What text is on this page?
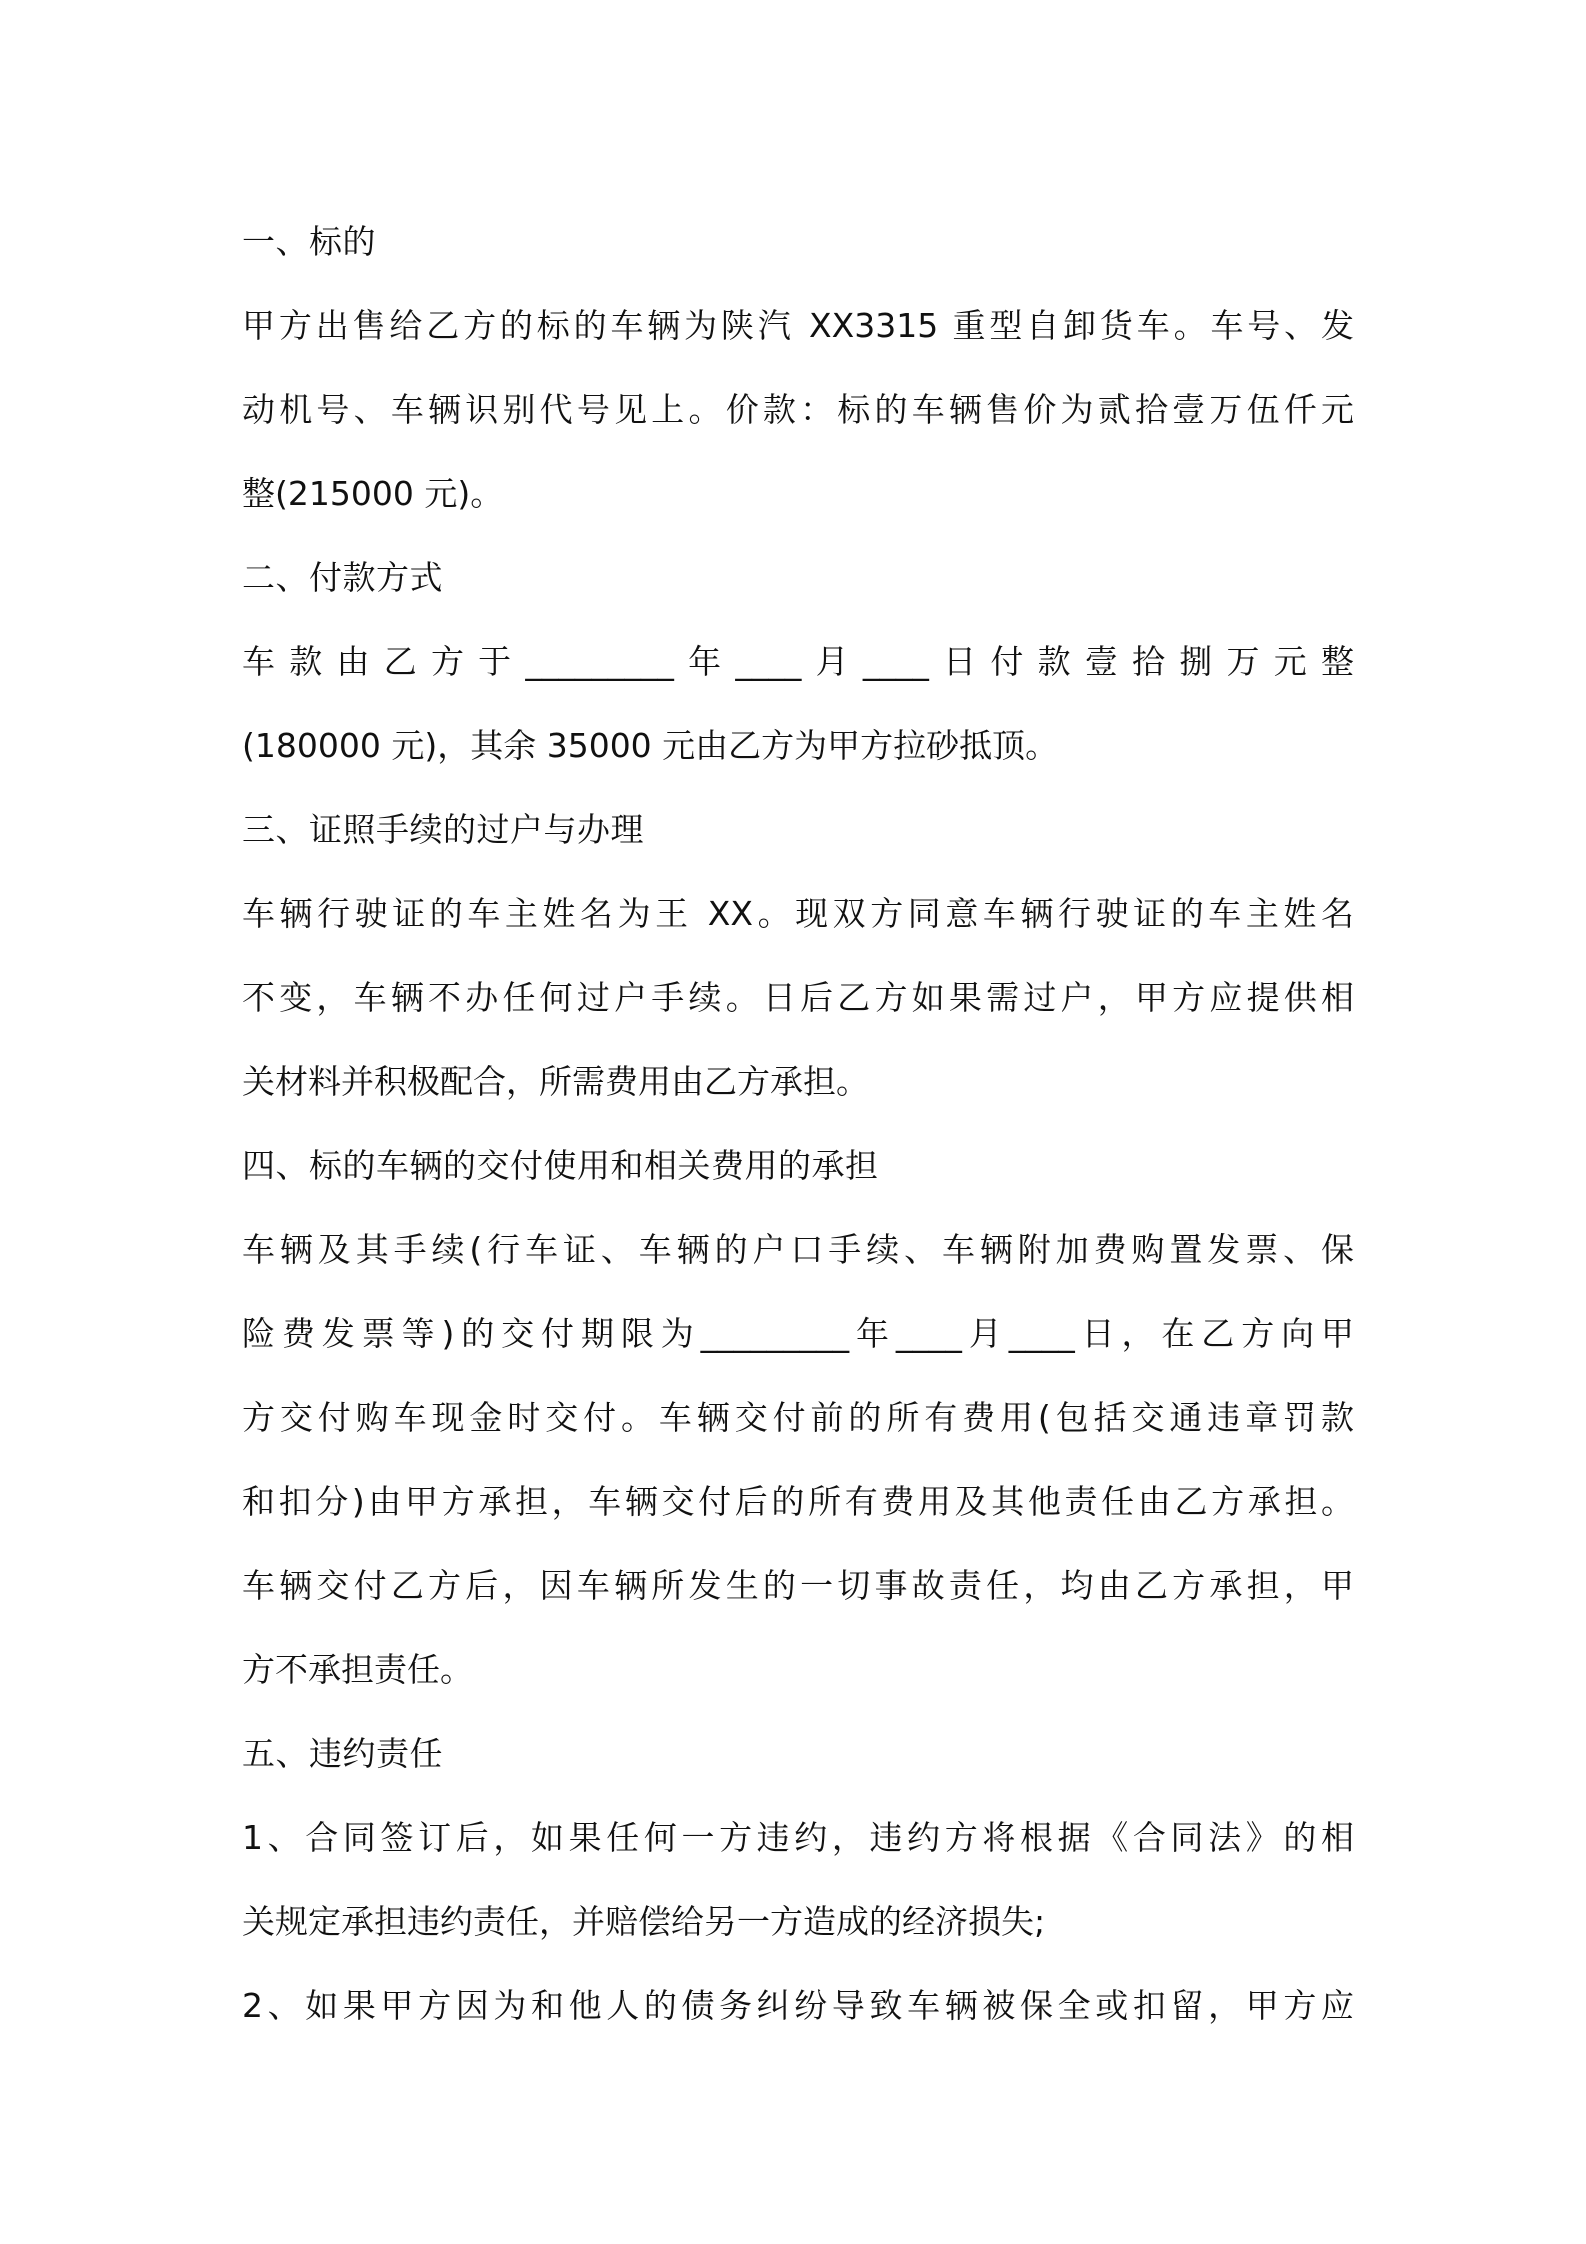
一、标的
甲方出售给乙方的标的车辆为陕汽 XX3315 重型自卸货车。车号、发
动机号、车辆识别代号见上。价款：标的车辆售价为贰拾壹万伍仟元
整(215000 元)。
二、付款方式
车款由乙方于_________年____月____日付款壹拾捌万元整
(180000 元)，其余 35000 元由乙方为甲方拉砂抵顶。
三、证照手续的过户与办理
车辆行驶证的车主姓名为王 XX。现双方同意车辆行驶证的车主姓名
不变，车辆不办任何过户手续。日后乙方如果需过户，甲方应提供相
关材料并积极配合，所需费用由乙方承担。
四、标的车辆的交付使用和相关费用的承担
车辆及其手续(行车证、车辆的户口手续、车辆附加费购置发票、保
险费发票等)的交付期限为_________年____月____日，在乙方向甲
方交付购车现金时交付。车辆交付前的所有费用(包括交通违章罚款
和扣分)由甲方承担，车辆交付后的所有费用及其他责任由乙方承担。
车辆交付乙方后，因车辆所发生的一切事故责任，均由乙方承担，甲
方不承担责任。
五、违约责任
1、合同签订后，如果任何一方违约，违约方将根据《合同法》的相
关规定承担违约责任，并赔偿给另一方造成的经济损失;
2、如果甲方因为和他人的债务纠纷导致车辆被保全或扣留，甲方应
